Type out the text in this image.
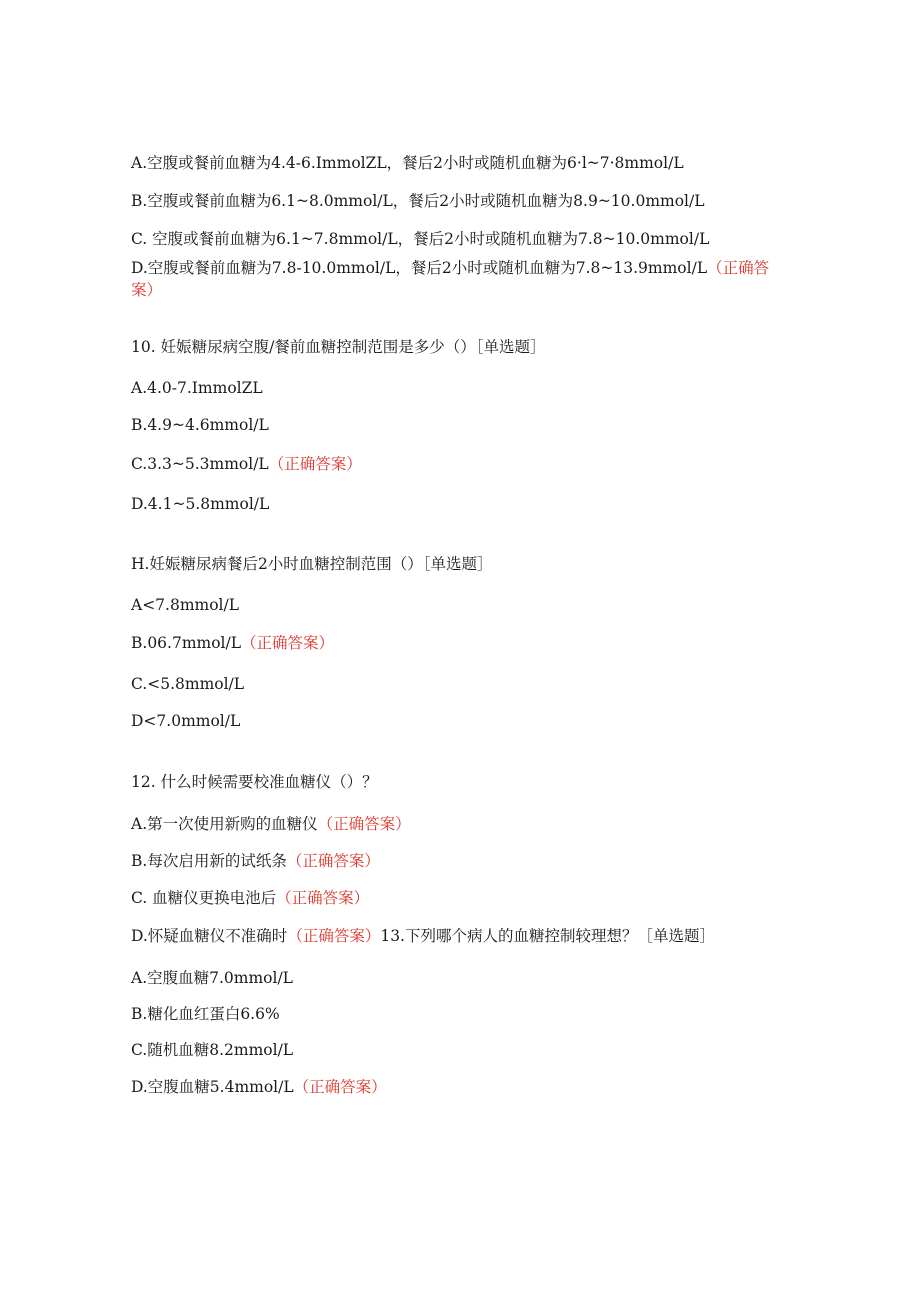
A.空腹或餐前血糖为4.4-6.ImmolZL，餐后2小时或随机血糖为6·l~7·8mmol∕L
B.空腹或餐前血糖为6.1~8.0mmol∕L，餐后2小时或随机血糖为8.9~10.0mmol∕L
C. 空腹或餐前血糖为6.1~7.8mmol∕L，餐后2小时或随机血糖为7.8~10.0mmol∕L
D.空腹或餐前血糖为7.8-10.0mmol∕L，餐后2小时或随机血糖为7.8~13.9mmol∕L（正确答案）
10. 妊娠糖尿病空腹/餐前血糖控制范围是多少（）［单选题］
A.4.0-7.ImmolZL
B.4.9~4.6mmol∕L
C.3.3~5.3mmol∕L（正确答案）
D.4.1~5.8mmol∕L
H.妊娠糖尿病餐后2小时血糖控制范围（）［单选题］
A<7.8mmol∕L
B.06.7mmol∕L（正确答案）
C.<5.8mmol∕L
D<7.0mmol∕L
12. 什么时候需要校准血糖仪（）？
A.第一次使用新购的血糖仪（正确答案）
B.每次启用新的试纸条（正确答案）
C. 血糖仪更换电池后（正确答案）
D.怀疑血糖仪不准确时（正确答案）13.下列哪个病人的血糖控制较理想？［单选题］
A.空腹血糖7.0mmol∕L
B.糖化血红蛋白6.6%
C.随机血糖8.2mmol∕L
D.空腹血糖5.4mmol∕L（正确答案）
